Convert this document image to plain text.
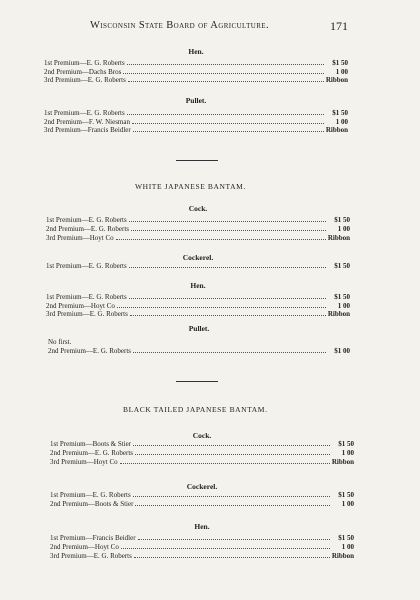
Wisconsin State Board of Agriculture.	171
Hen.
1st Premium—E. G. Roberts	$1 50
2nd Premium—Dachs Bros	1 00
3rd Premium—E. G. Roberts	Ribbon
Pullet.
1st Premium—E. G. Roberts	$1 50
2nd Premium—F. W. Niesman	1 00
3rd Premium—Francis Beidler	Ribbon
WHITE JAPANESE BANTAM.
Cock.
1st Premium—E. G. Roberts	$1 50
2nd Premium—E. G. Roberts	1 00
3rd Premium—Hoyt Co	Ribbon
Cockerel.
1st Premium—E. G. Roberts	$1 50
Hen.
1st Premium—E. G. Roberts	$1 50
2nd Premium—Hoyt Co	1 00
3rd Premium—E. G. Roberts	Ribbon
Pullet.
No first.
2nd Premium—E. G. Roberts	$1 00
BLACK TAILED JAPANESE BANTAM.
Cock.
1st Premium—Boots & Stier	$1 50
2nd Premium—E. G. Roberts	1 00
3rd Premium—Hoyt Co	Ribbon
Cockerel.
1st Premium—E. G. Roberts	$1 50
2nd Premium—Boots & Stier	1 00
Hen.
1st Premium—Francis Beidler	$1 50
2nd Premium—Hoyt Co	1 00
3rd Premium—E. G. Roberts	Ribbon
